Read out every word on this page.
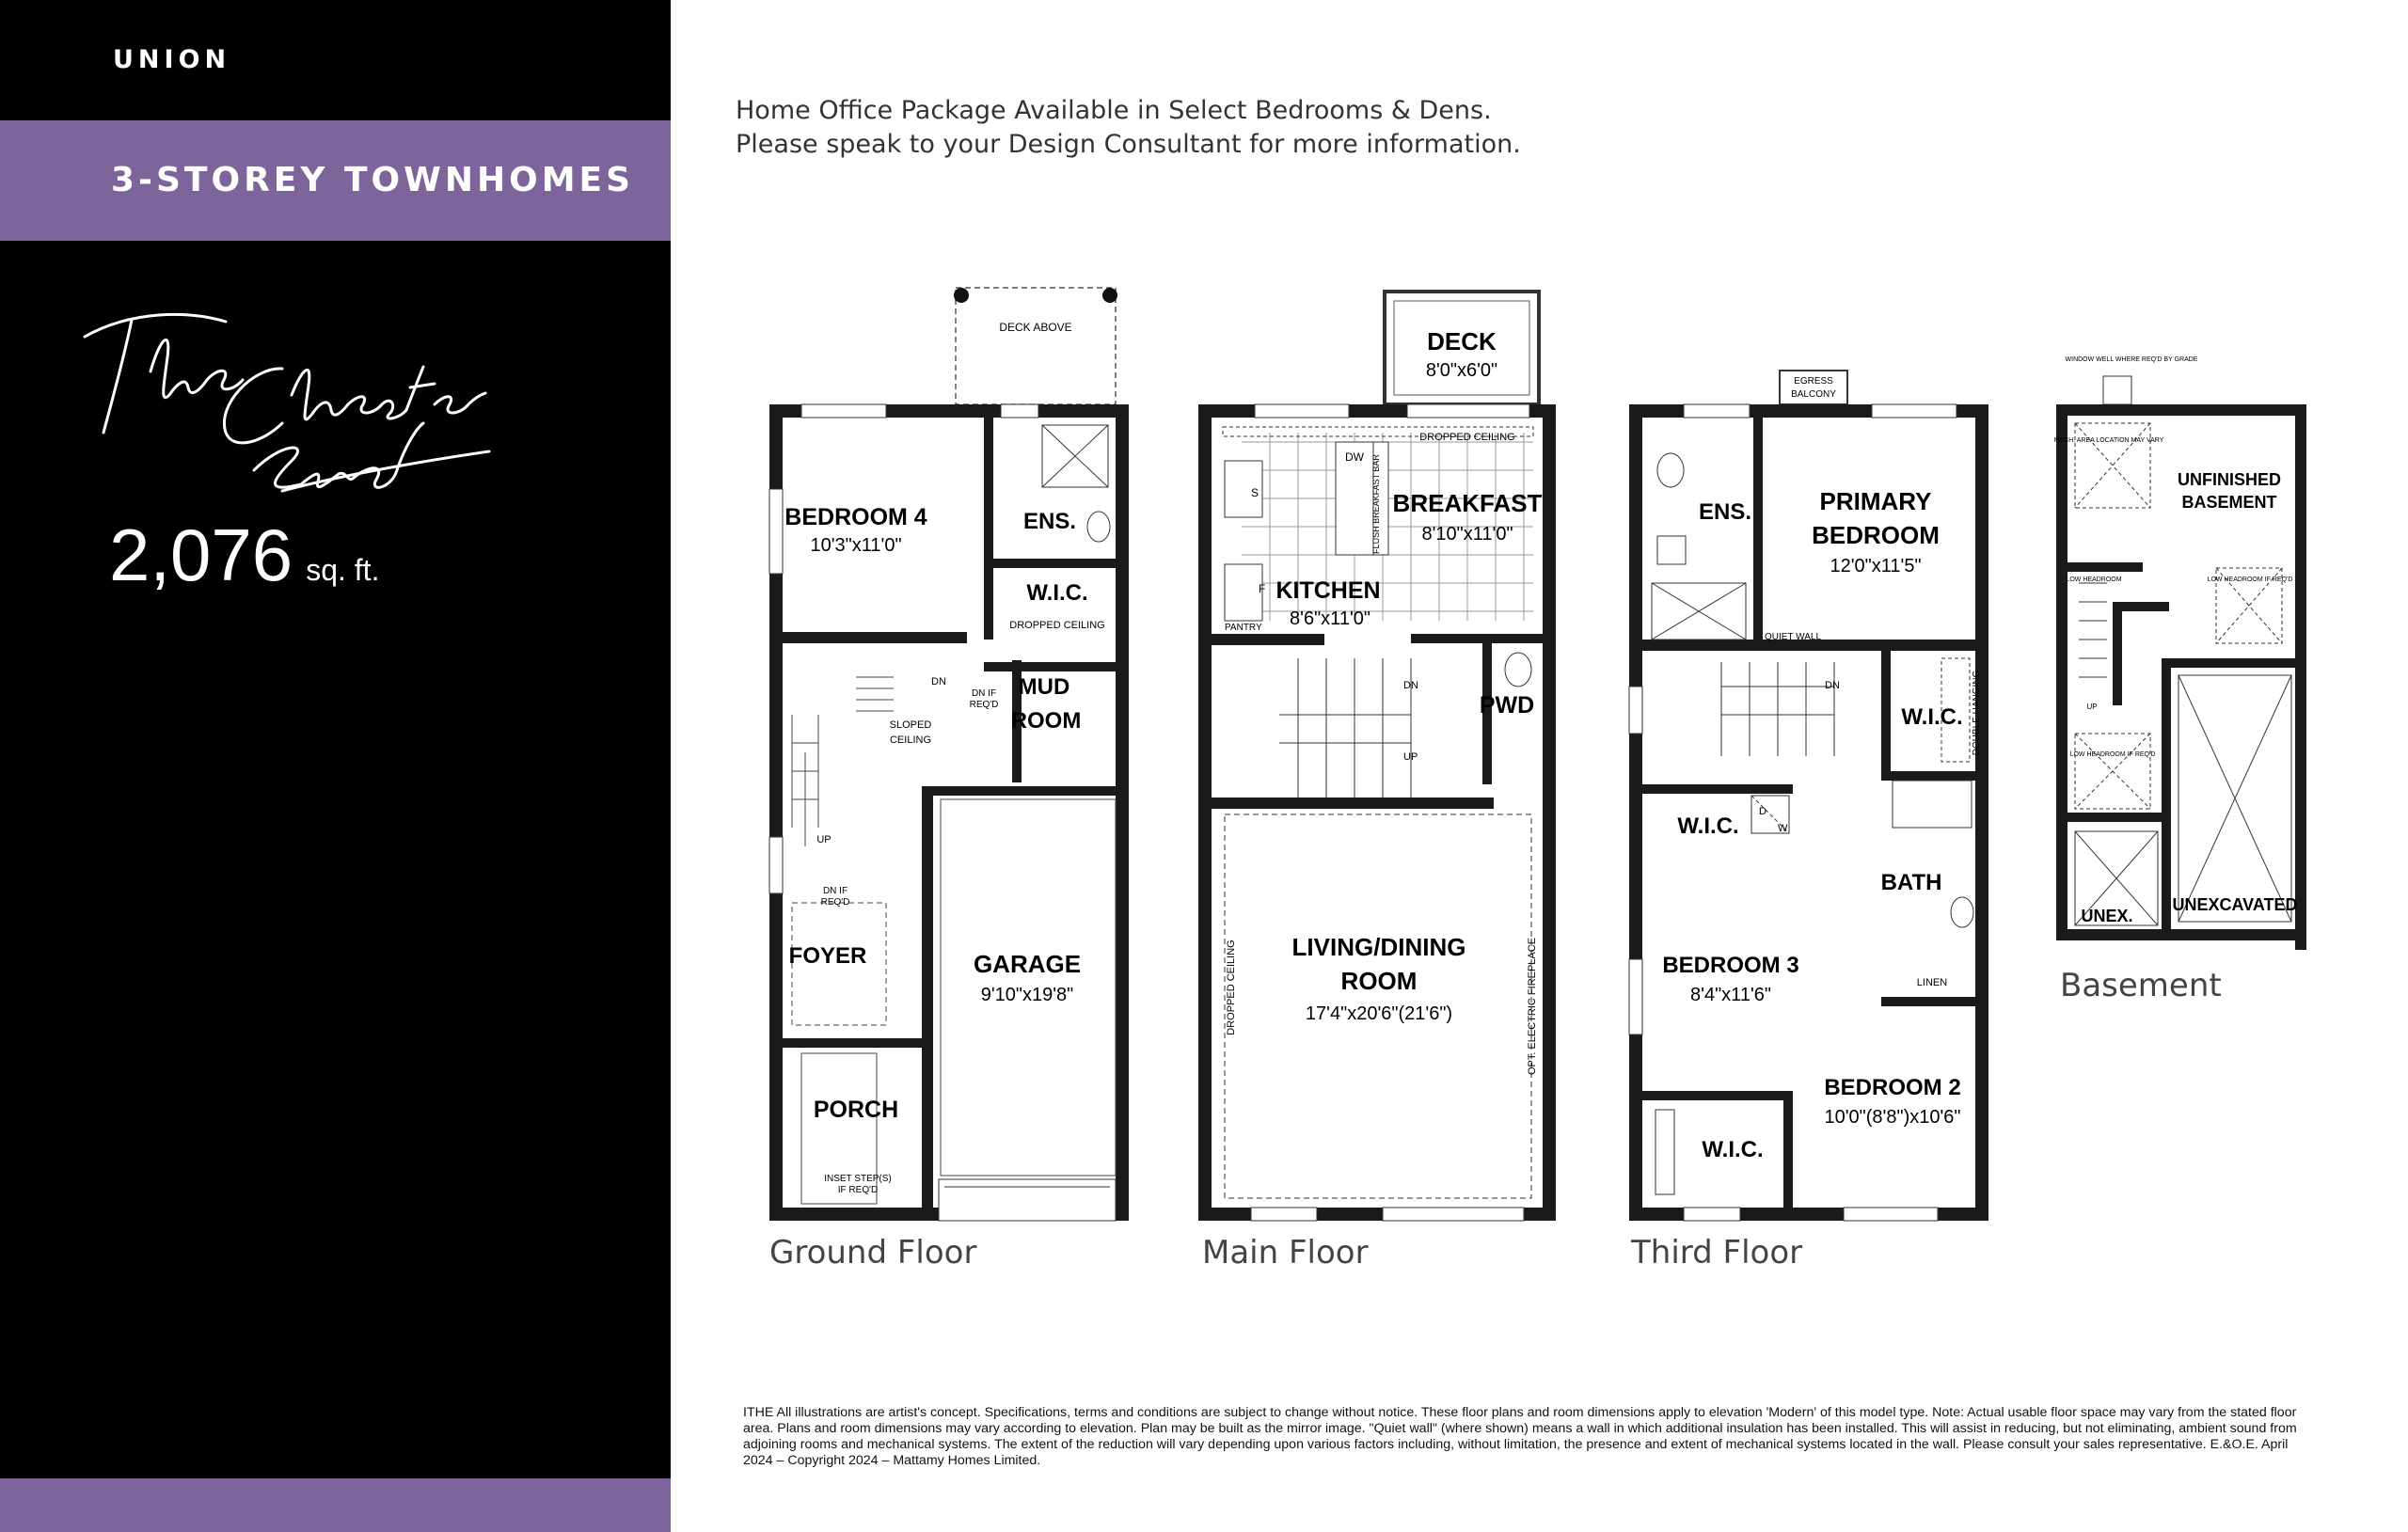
UNION
3-STOREY TOWNHOMES
2,076 sq. ft.
Home Office Package Available in Select Bedrooms & Dens.
Please speak to your Design Consultant for more information.
DECK ABOVE
BEDROOM 4
10'3"x11'0"
ENS.
W.I.C.
DROPPED CEILING
MUD
ROOM
SLOPED
CEILING
DN
DN IF
REQ'D
UP
DN IF
REQ'D
FOYER	GARAGE
9'10"x19'8"
PORCH
INSET STEP(S)
IF REQ'D
DECK
8'0"x6'0"
DW
S
F
DROPPED CEILING
BREAKFAST
8'10"x11'0"
KITCHEN
8'6"x11'0"
PANTRY
FLUSH BREAKFAST BAR
DN
UP
PWD
LIVING/DINING
ROOM
17'4"x20'6"(21'6")
DROPPED CEILING	OPT. ELECTRIC FIREPLACE
EGRESS
BALCONY
ENS.	PRIMARY
BEDROOM
12'0"x11'5"
QUIET WALL
DN
W.I.C. DOUBLE HANGING
W.I.C.
D
W
BATH
LINEN
BEDROOM 3
8'4"x11'6"
BEDROOM 2
10'0"(8'8")x10'6"
W.I.C.
WINDOW WELL WHERE REQ'D BY GRADE
MECH. AREA LOCATION MAY VARY
UNFINISHED
BASEMENT
LOW HEADROOM	LOW HEADROOM IF REQ'D
LOW HEADROOM IF REQ'D
UP
UNEX.
UNEXCAVATED
Ground Floor	Main Floor	Third Floor
Basement
ITHE All illustrations are artist's concept. Specifications, terms and conditions are subject to change without notice. These floor plans and room dimensions apply to elevation 'Modern' of this model type. Note: Actual usable floor space may vary from the stated floor area. Plans and room dimensions may vary according to elevation. Plan may be built as the mirror image. "Quiet wall" (where shown) means a wall in which additional insulation has been installed. This will assist in reducing, but not eliminating, ambient sound from adjoining rooms and mechanical systems. The extent of the reduction will vary depending upon various factors including, without limitation, the presence and extent of mechanical systems located in the wall. Please consult your sales representative. E.&O.E. April 2024 – Copyright 2024 – Mattamy Homes Limited.
